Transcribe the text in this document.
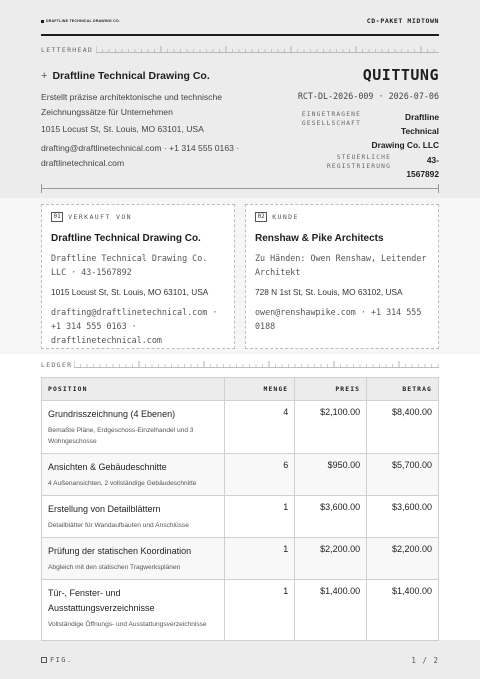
DRAFTLINE TECHNICAL DRAWING CO.	CD-PAKET MIDTOWN
LETTERHEAD
+ Draftline Technical Drawing Co.
Erstellt präzise architektonische und technische Zeichnungssätze für Unternehmen
1015 Locust St, St. Louis, MO 63101, USA
drafting@draftlinetechnical.com · +1 314 555 0163 · draftlinetechnical.com
QUITTUNG
RCT-DL-2026-009 · 2026-07-06
EINGETRAGENE GESELLSCHAFT
Draftline Technical Drawing Co. LLC
STEUERLICHE REGISTRIERUNG
43-1567892
01	VERKAUFT VON
Draftline Technical Drawing Co.
Draftline Technical Drawing Co. LLC · 43-1567892
1015 Locust St, St. Louis, MO 63101, USA
drafting@draftlinetechnical.com · +1 314 555 0163 · draftlinetechnical.com
02	KUNDE
Renshaw & Pike Architects
Zu Händen: Owen Renshaw, Leitender Architekt
728 N 1st St, St. Louis, MO 63102, USA
owen@renshawpike.com · +1 314 555 0188
LEDGER
POSITION	MENGE	PREIS	BETRAG

Grundrisszeichnung (4 Ebenen)
Bemaßte Pläne, Erdgeschoss-Einzelhandel und 3 Wohngeschosse	4	$2,100.00	$8,400.00

Ansichten & Gebäudeschnitte
4 Außenansichten, 2 vollständige Gebäudeschnitte	6	$950.00	$5,700.00

Erstellung von Detailblättern
Detailblätter für Wandaufbauten und Anschlüsse	1	$3,600.00	$3,600.00

Prüfung der statischen Koordination
Abgleich mit den statischen Tragwerksplänen	1	$2,200.00	$2,200.00

Tür-, Fenster- und Ausstattungsverzeichnisse
Vollständige Öffnungs- und Ausstattungsverzeichnisse	1	$1,400.00	$1,400.00
FIG.	1 / 2
